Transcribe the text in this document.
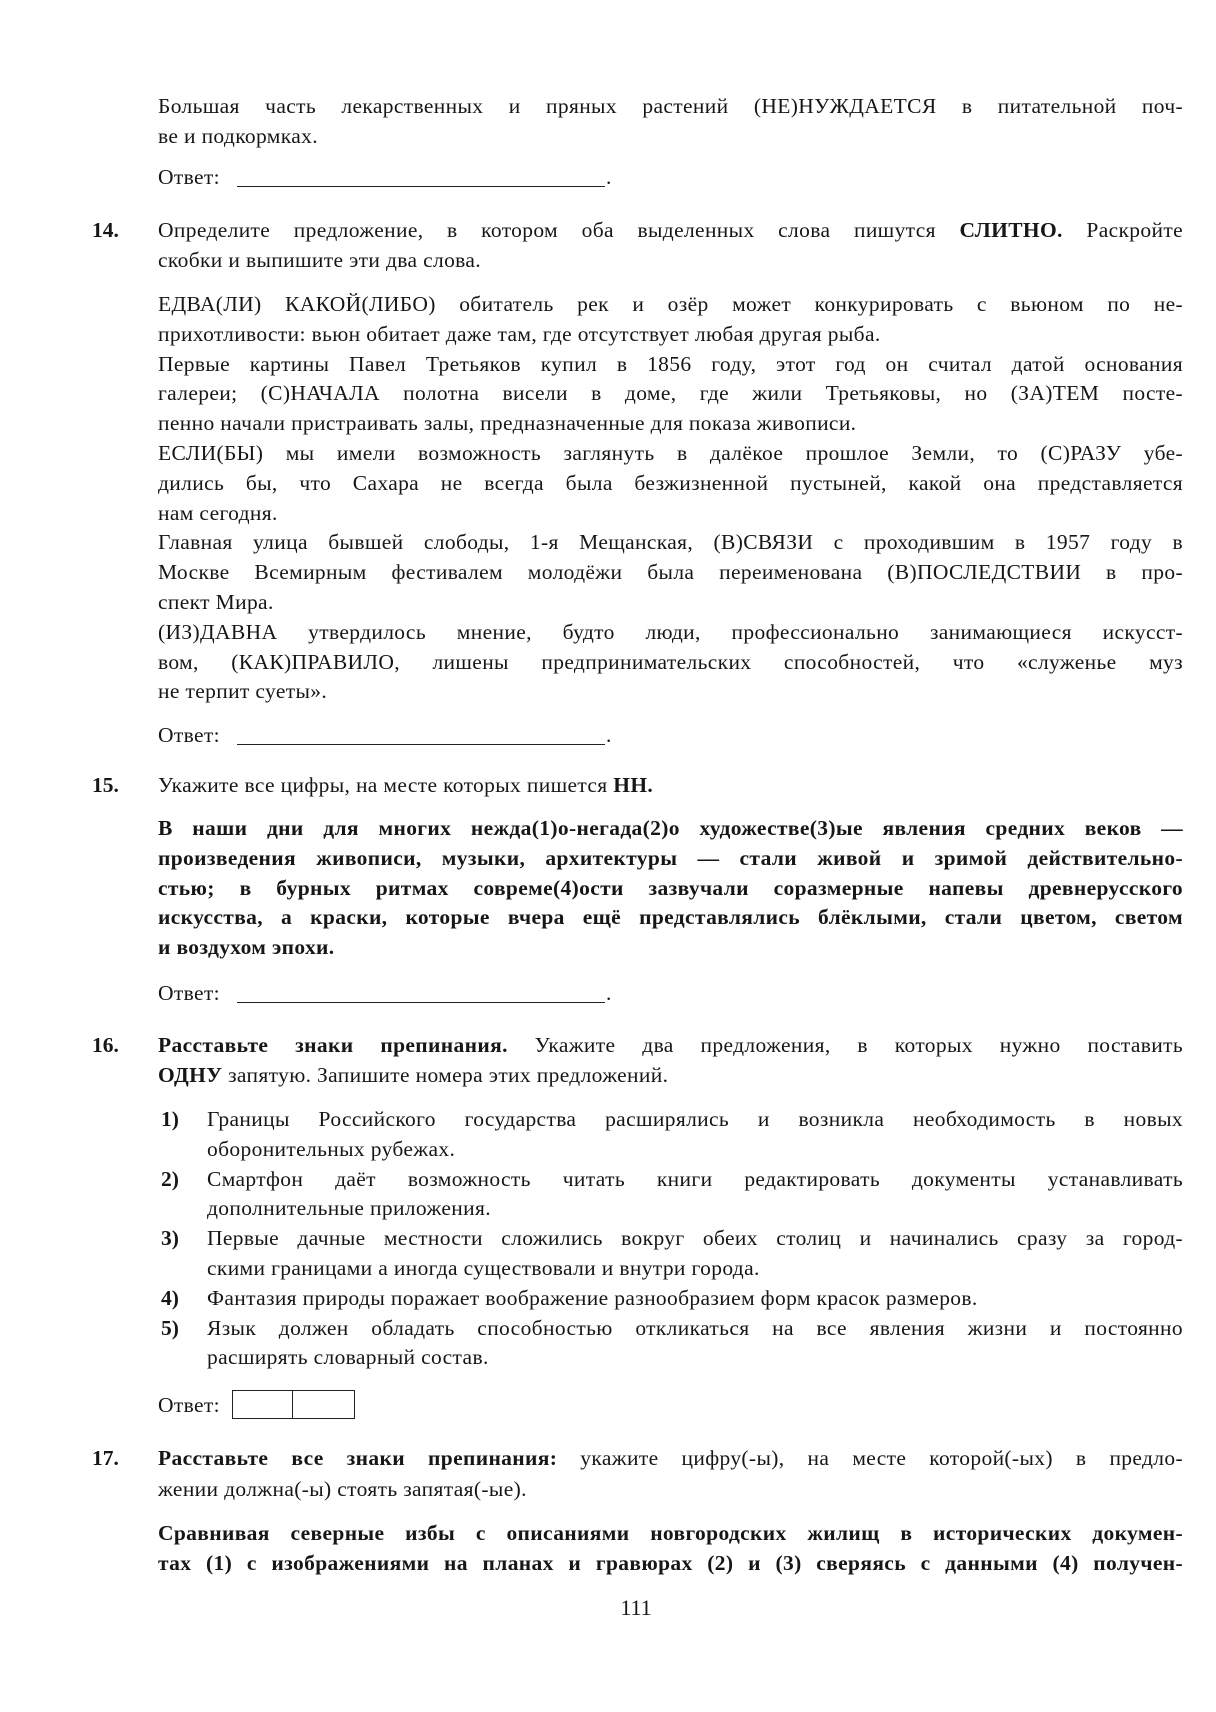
Большая часть лекарственных и пряных растений (НЕ)НУЖДАЕТСЯ в питательной поч-
ве и подкормках.
Ответ:	.
14. Определите предложение, в котором оба выделенных слова пишутся СЛИТНО. Раскройте
скобки и выпишите эти два слова.
ЕДВА(ЛИ) КАКОЙ(ЛИБО) обитатель рек и озёр может конкурировать с вьюном по не-
прихотливости: вьюн обитает даже там, где отсутствует любая другая рыба.
Первые картины Павел Третьяков купил в 1856 году, этот год он считал датой основания
галереи; (С)НАЧАЛА полотна висели в доме, где жили Третьяковы, но (ЗА)ТЕМ посте-
пенно начали пристраивать залы, предназначенные для показа живописи.
ЕСЛИ(БЫ) мы имели возможность заглянуть в далёкое прошлое Земли, то (С)РАЗУ убе-
дились бы, что Сахара не всегда была безжизненной пустыней, какой она представляется
нам сегодня.
Главная улица бывшей слободы, 1-я Мещанская, (В)СВЯЗИ с проходившим в 1957 году в
Москве Всемирным фестивалем молодёжи была переименована (В)ПОСЛЕДСТВИИ в про-
спект Мира.
(ИЗ)ДАВНА утвердилось мнение, будто люди, профессионально занимающиеся искусст-
вом, (КАК)ПРАВИЛО, лишены предпринимательских способностей, что «служенье муз
не терпит суеты».
Ответ:	.
15. Укажите все цифры, на месте которых пишется НН.
В наши дни для многих нежда(1)о-негада(2)о художестве(3)ые явления средних веков —
произведения живописи, музыки, архитектуры — стали живой и зримой действительно-
стью; в бурных ритмах совреме(4)ости зазвучали соразмерные напевы древнерусского
искусства, а краски, которые вчера ещё представлялись блёклыми, стали цветом, светом
и воздухом эпохи.
Ответ:	.
16. Расставьте знаки препинания. Укажите два предложения, в которых нужно поставить
ОДНУ запятую. Запишите номера этих предложений.
1) Границы Российского государства расширялись и возникла необходимость в новых
оборонительных рубежах.
2) Смартфон даёт возможность читать книги редактировать документы устанавливать
дополнительные приложения.
3) Первые дачные местности сложились вокруг обеих столиц и начинались сразу за город-
скими границами а иногда существовали и внутри города.
4) Фантазия природы поражает воображение разнообразием форм красок размеров.
5) Язык должен обладать способностью откликаться на все явления жизни и постоянно
расширять словарный состав.
Ответ:
17. Расставьте все знаки препинания: укажите цифру(-ы), на месте которой(-ых) в предло-
жении должна(-ы) стоять запятая(-ые).
Сравнивая северные избы с описаниями новгородских жилищ в исторических докумен-
тах (1) с изображениями на планах и гравюрах (2) и (3) сверяясь с данными (4) получен-
111
